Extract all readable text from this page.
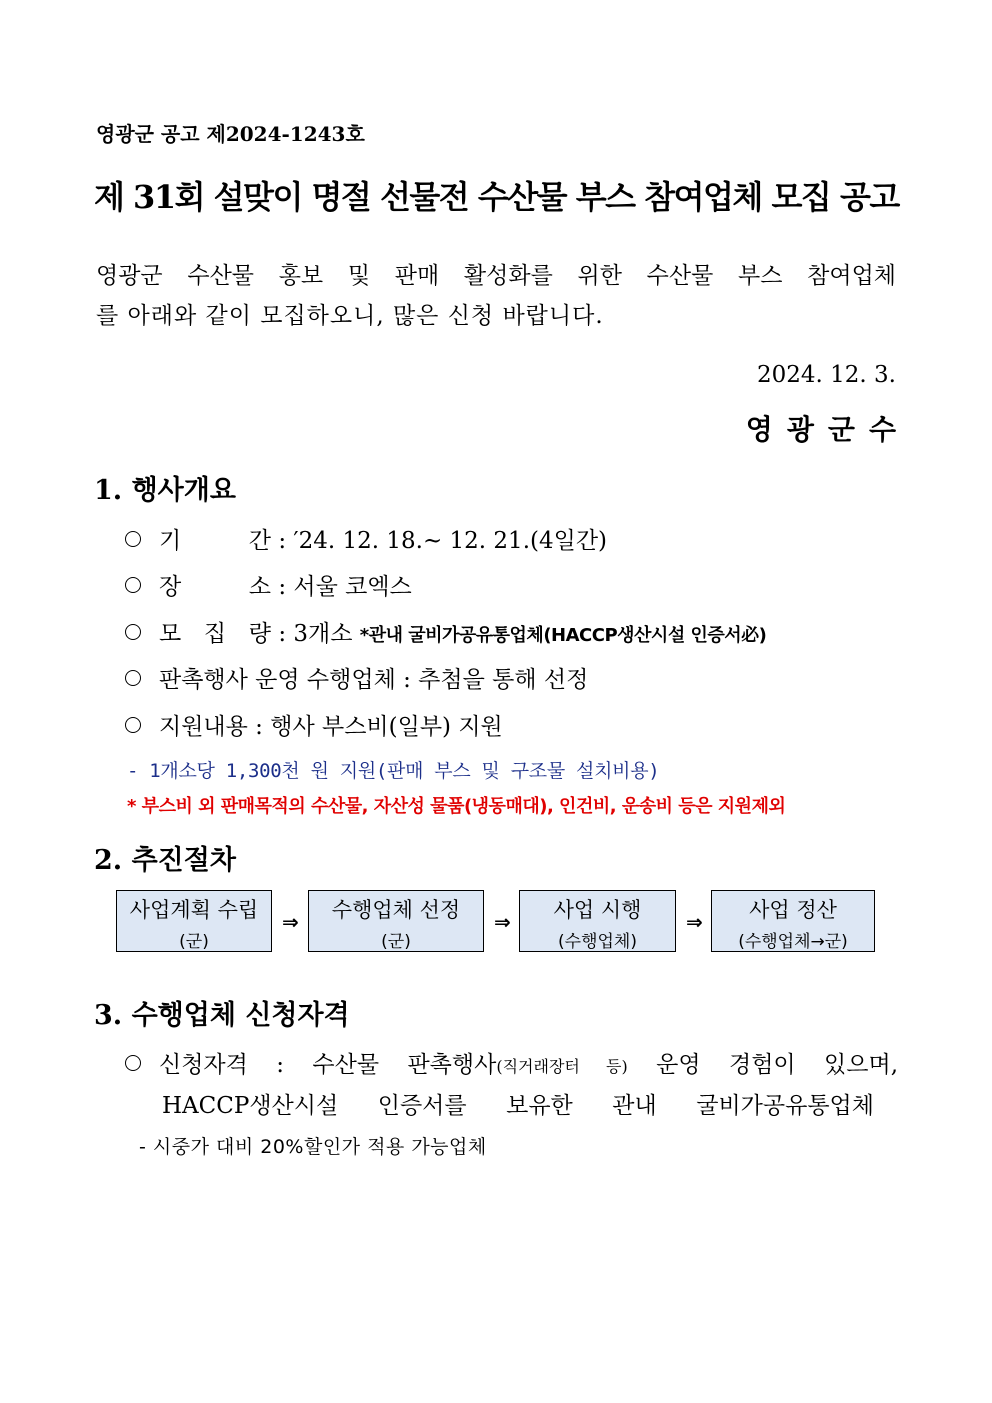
영광군 공고 제2024-1243호
제 31회 설맞이 명절 선물전 수산물 부스 참여업체 모집 공고
영광군 수산물 홍보 및 판매 활성화를 위한 수산물 부스 참여업체
를 아래와 같이 모집하오니, 많은 신청 바랍니다.
2024. 12. 3.
영광군수
1. 행사개요
기	간 : ′24. 12. 18.~ 12. 21.(4일간)
장	소 : 서울 코엑스
모 집 량 : 3개소 *관내 굴비가공유통업체(HACCP생산시설 인증서必)
판촉행사 운영 수행업체 : 추첨을 통해 선정
지원내용 : 행사 부스비(일부) 지원
- 1개소당 1,300천 원 지원(판매 부스 및 구조물 설치비용)
* 부스비 외 판매목적의 수산물, 자산성 물품(냉동매대), 인건비, 운송비 등은 지원제외
2. 추진절차
사업계획 수립
(군)
⇒	수행업체 선정
(군)
⇒	사업 시행
(수행업체)
⇒	사업 정산
(수행업체→군)
3. 수행업체 신청자격
신청자격 : 수산물 판촉행사(직거래장터 등) 운영 경험이 있으며,
HACCP생산시설 인증서를 보유한 관내 굴비가공유통업체
- 시중가 대비 20%할인가 적용 가능업체
